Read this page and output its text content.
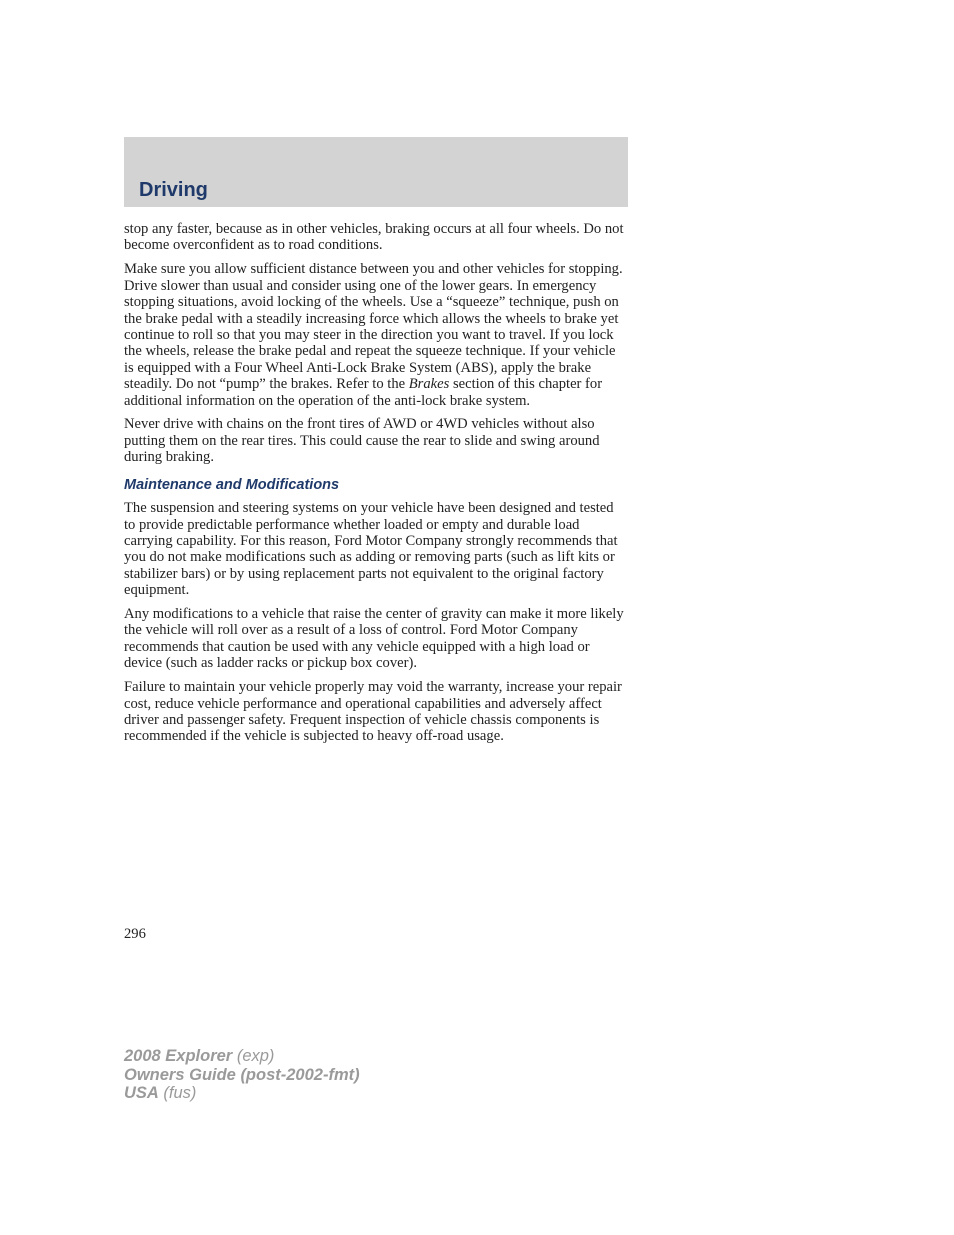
Driving

stop any faster, because as in other vehicles, braking occurs at all four wheels. Do not become overconfident as to road conditions.

Make sure you allow sufficient distance between you and other vehicles for stopping. Drive slower than usual and consider using one of the lower gears. In emergency stopping situations, avoid locking of the wheels. Use a “squeeze” technique, push on the brake pedal with a steadily increasing force which allows the wheels to brake yet continue to roll so that you may steer in the direction you want to travel. If you lock the wheels, release the brake pedal and repeat the squeeze technique. If your vehicle is equipped with a Four Wheel Anti-Lock Brake System (ABS), apply the brake steadily. Do not “pump” the brakes. Refer to the Brakes section of this chapter for additional information on the operation of the anti-lock brake system.

Never drive with chains on the front tires of AWD or 4WD vehicles without also putting them on the rear tires. This could cause the rear to slide and swing around during braking.

Maintenance and Modifications

The suspension and steering systems on your vehicle have been designed and tested to provide predictable performance whether loaded or empty and durable load carrying capability. For this reason, Ford Motor Company strongly recommends that you do not make modifications such as adding or removing parts (such as lift kits or stabilizer bars) or by using replacement parts not equivalent to the original factory equipment.

Any modifications to a vehicle that raise the center of gravity can make it more likely the vehicle will roll over as a result of a loss of control. Ford Motor Company recommends that caution be used with any vehicle equipped with a high load or device (such as ladder racks or pickup box cover).

Failure to maintain your vehicle properly may void the warranty, increase your repair cost, reduce vehicle performance and operational capabilities and adversely affect driver and passenger safety. Frequent inspection of vehicle chassis components is recommended if the vehicle is subjected to heavy off-road usage.

296
2008 Explorer (exp)
Owners Guide (post-2002-fmt)
USA (fus)
